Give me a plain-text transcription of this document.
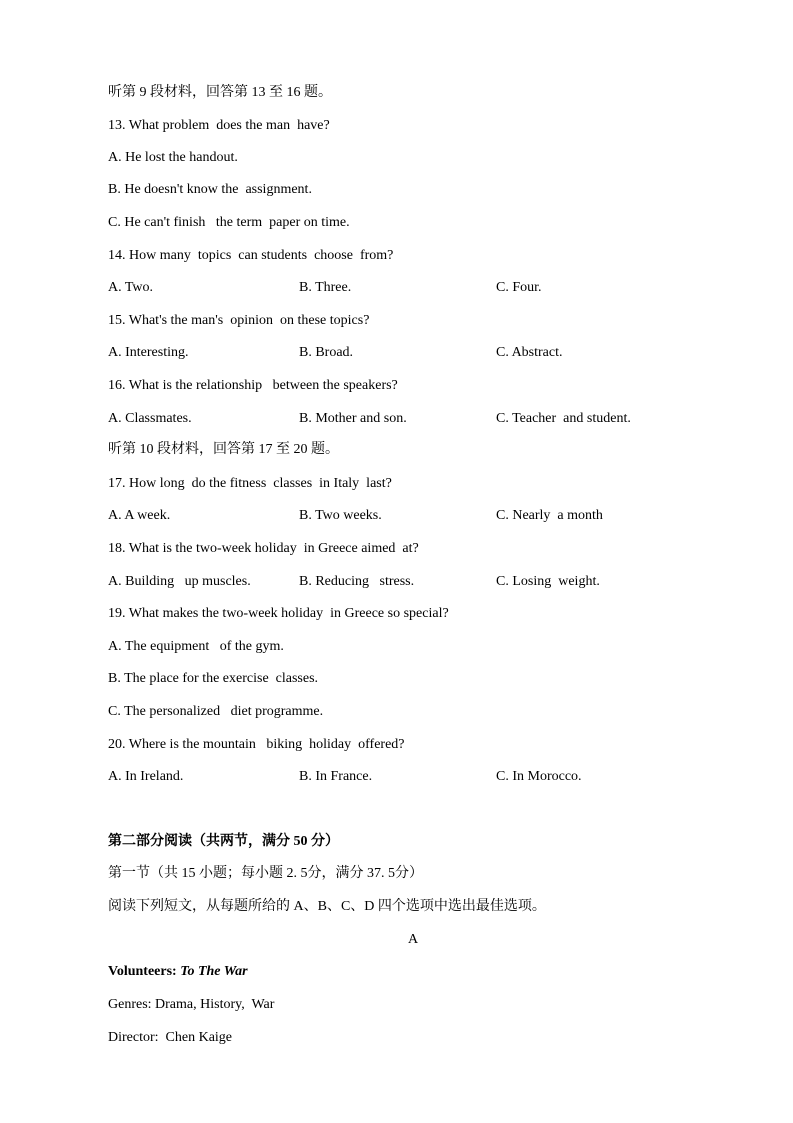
听第 9 段材料，回答第 13 至 16 题。
13. What problem  does the man  have?
A. He lost the handout.
B. He doesn't know the  assignment.
C. He can't finish   the term  paper on time.
14. How many  topics  can students  choose  from?
A. Two.	B. Three.	C. Four.
15. What's the man's  opinion  on these topics?
A. Interesting.	B. Broad.	C. Abstract.
16. What is the relationship   between the speakers?
A. Classmates.	B. Mother and son.	C. Teacher  and student.
听第 10 段材料，回答第 17 至 20 题。
17. How long  do the fitness  classes  in Italy  last?
A. A week.	B. Two weeks.	C. Nearly  a month
18. What is the two-week holiday  in Greece aimed  at?
A. Building   up muscles.	B. Reducing   stress.	C. Losing  weight.
19. What makes the two-week holiday  in Greece so special?
A. The equipment   of the gym.
B. The place for the exercise  classes.
C. The personalized   diet programme.
20. Where is the mountain   biking  holiday  offered?
A. In Ireland.	B. In France.	C. In Morocco.
第二部分阅读（共两节，满分 50 分）
第一节（共 15 小题；每小题 2. 5分，满分 37. 5分）
阅读下列短文，从每题所给的 A、B、C、D 四个选项中选出最佳选项。
A
Volunteers: To The War
Genres: Drama, History,  War
Director:  Chen Kaige
